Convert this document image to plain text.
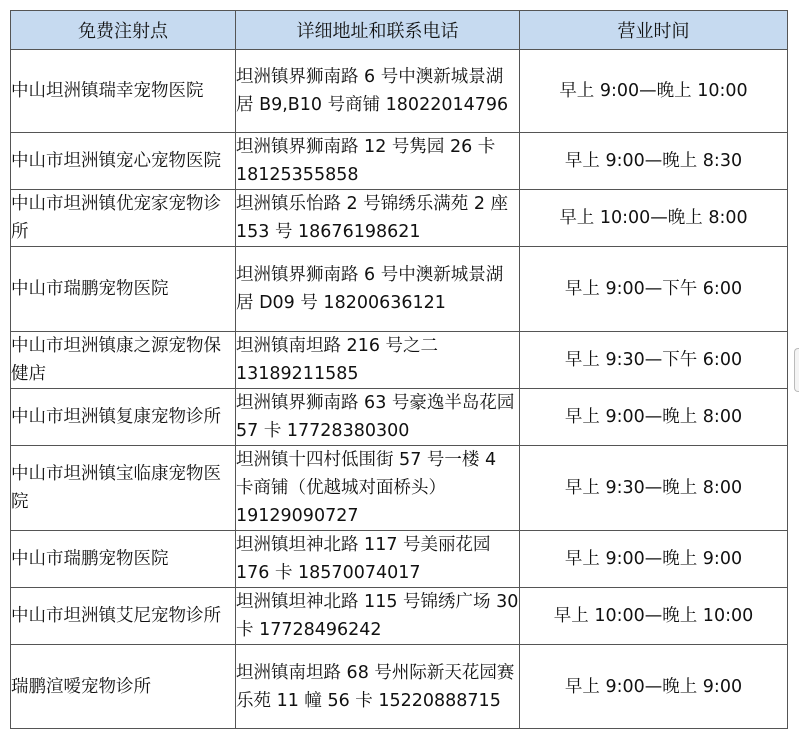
免费注射点	详细地址和联系电话	营业时间
中山坦洲镇瑞幸宠物医院	坦洲镇界狮南路 6 号中澳新城景湖居 B9,B10 号商铺 18022014796	早上 9:00—晚上 10:00
中山市坦洲镇宠心宠物医院	坦洲镇界狮南路 12 号隽园 26 卡 18125355858	早上 9:00—晚上 8:30
中山市坦洲镇优宠家宠物诊所	坦洲镇乐怡路 2 号锦绣乐满苑 2 座 153 号 18676198621	早上 10:00—晚上 8:00
中山市瑞鹏宠物医院	坦洲镇界狮南路 6 号中澳新城景湖居 D09 号 18200636121	早上 9:00—下午 6:00
中山市坦洲镇康之源宠物保健店	坦洲镇南坦路 216 号之二 13189211585	早上 9:30—下午 6:00
中山市坦洲镇复康宠物诊所	坦洲镇界狮南路 63 号豪逸半岛花园 57 卡 17728380300	早上 9:00—晚上 8:00
中山市坦洲镇宝临康宠物医院	坦洲镇十四村低围街 57 号一楼 4 卡商铺（优越城对面桥头）19129090727	早上 9:30—晚上 8:00
中山市瑞鹏宠物医院	坦洲镇坦神北路 117 号美丽花园 176 卡 18570074017	早上 9:00—晚上 9:00
中山市坦洲镇艾尼宠物诊所	坦洲镇坦神北路 115 号锦绣广场 30 卡 17728496242	早上 10:00—晚上 10:00
瑞鹏渲嗳宠物诊所	坦洲镇南坦路 68 号州际新天花园赛乐苑 11 幢 56 卡 15220888715	早上 9:00—晚上 9:00
